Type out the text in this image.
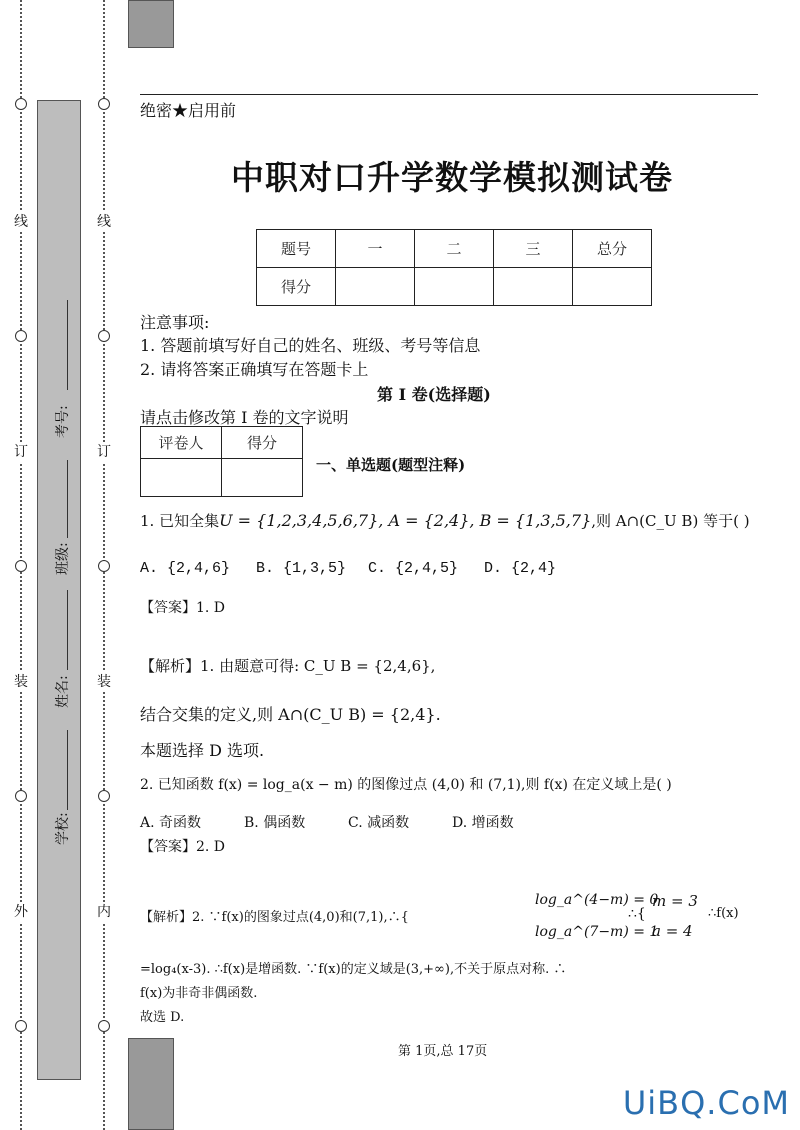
线
订
装
外
线
订
装
内
考号:
班级:
姓名:
学校:
绝密★启用前
中职对口升学数学模拟测试卷
题号	一	二	三	总分
得分				
注意事项:
1. 答题前填写好自己的姓名、班级、考号等信息
2. 请将答案正确填写在答题卡上
第 I 卷(选择题)
请点击修改第 I 卷的文字说明
评卷人	得分

一、单选题(题型注释)
1. 已知全集U = {1,2,3,4,5,6,7}, A = {2,4}, B = {1,3,5,7},则 A∩(C_U B) 等于( )
A. {2,4,6} B. {1,3,5} C. {2,4,5} D. {2,4}
【答案】1. D
【解析】1. 由题意可得: C_U B = {2,4,6},
结合交集的定义,则 A∩(C_U B) = {2,4}.
本题选择 D 选项.
2. 已知函数 f(x) = log_a(x − m) 的图像过点 (4,0) 和 (7,1),则 f(x) 在定义域上是( )
A. 奇函数	B. 偶函数	C. 减函数	D. 增函数
【答案】2. D
【解析】2. ∵f(x)的图象过点(4,0)和(7,1),∴{
log_a^(4−m) = 0
log_a^(7−m) = 1
∴{
m = 3
a = 4
∴f(x)
=log₄(x-3). ∴f(x)是增函数. ∵f(x)的定义域是(3,+∞),不关于原点对称. ∴
f(x)为非奇非偶函数.
故选 D.
第 1页,总 17页
UiBQ.CoM
